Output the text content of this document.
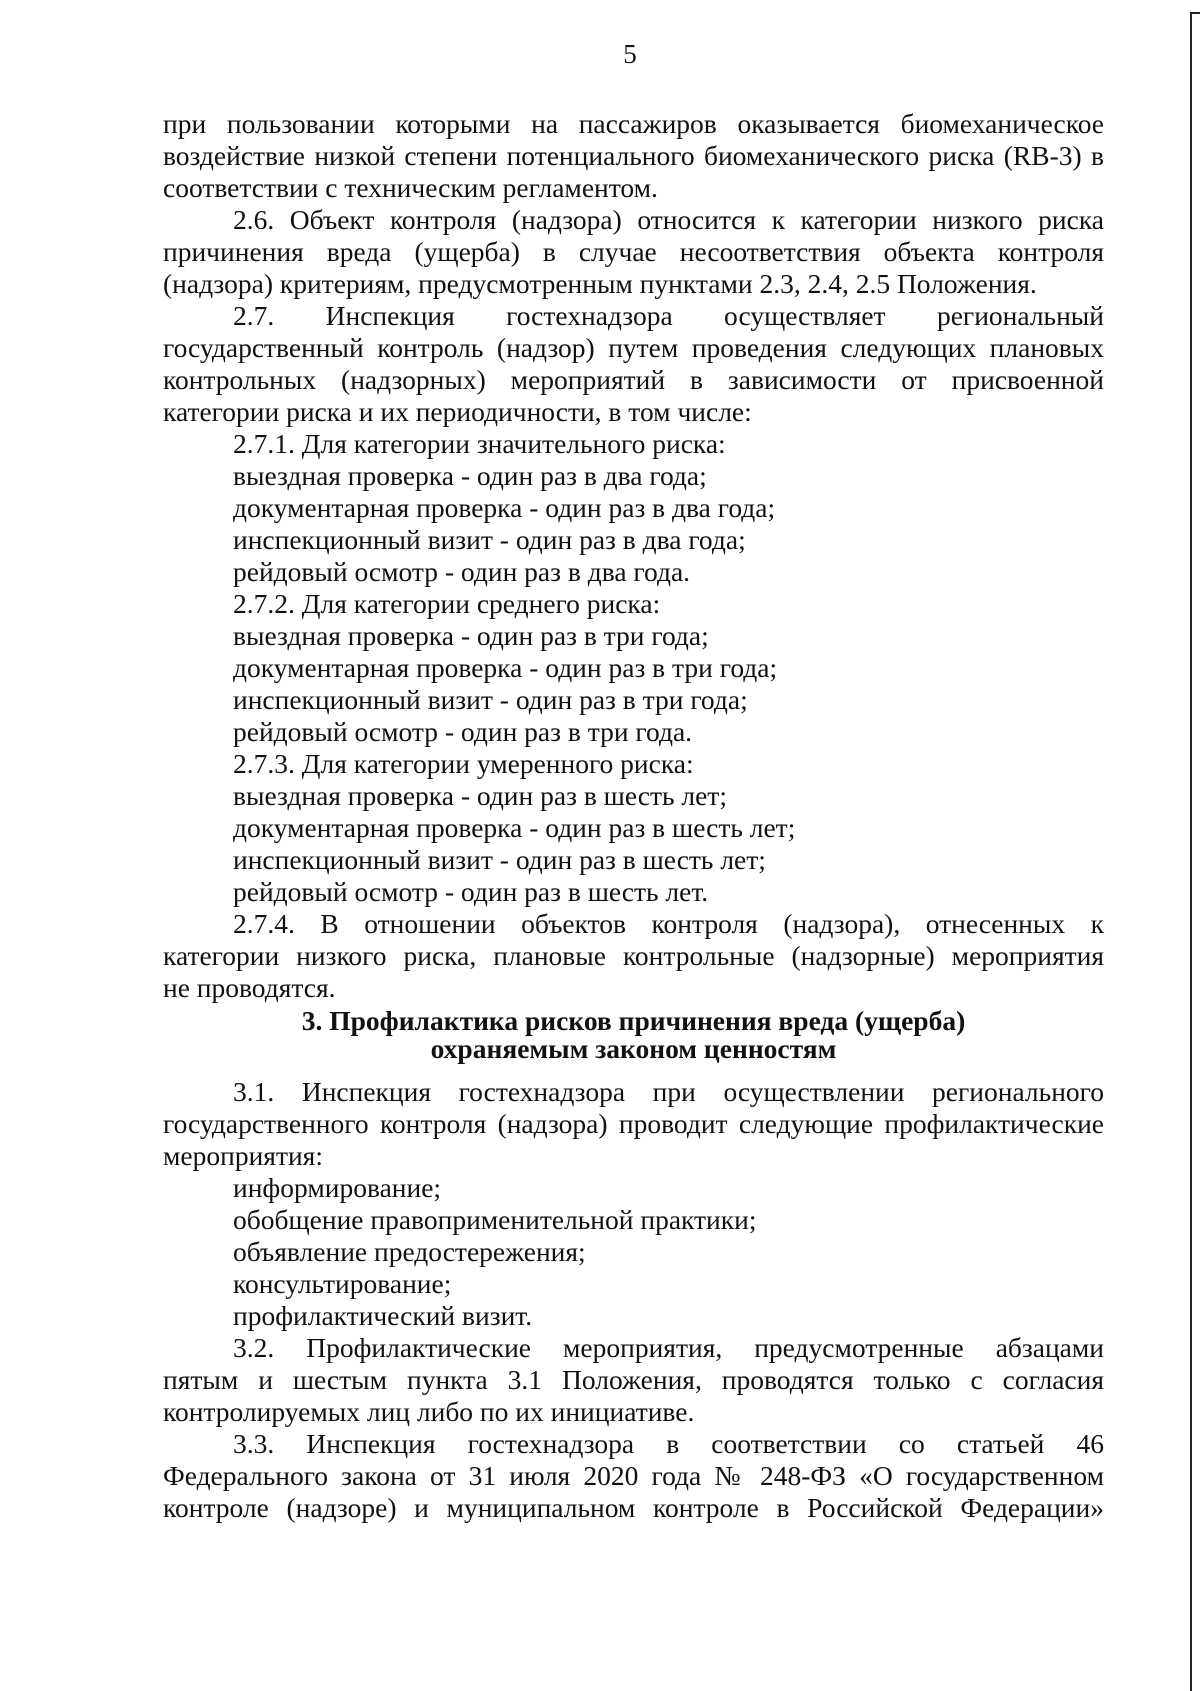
5
при пользовании которыми на пассажиров оказывается биомеханическое
воздействие низкой степени потенциального биомеханического риска (RB-3) в
соответствии с техническим регламентом.
2.6. Объект контроля (надзора) относится к категории низкого риска
причинения вреда (ущерба) в случае несоответствия объекта контроля
(надзора) критериям, предусмотренным пунктами 2.3, 2.4, 2.5 Положения.
2.7. Инспекция гостехнадзора осуществляет региональный
государственный контроль (надзор) путем проведения следующих плановых
контрольных (надзорных) мероприятий в зависимости от присвоенной
категории риска и их периодичности, в том числе:
2.7.1. Для категории значительного риска:
выездная проверка - один раз в два года;
документарная проверка - один раз в два года;
инспекционный визит - один раз в два года;
рейдовый осмотр - один раз в два года.
2.7.2. Для категории среднего риска:
выездная проверка - один раз в три года;
документарная проверка - один раз в три года;
инспекционный визит - один раз в три года;
рейдовый осмотр - один раз в три года.
2.7.3. Для категории умеренного риска:
выездная проверка - один раз в шесть лет;
документарная проверка - один раз в шесть лет;
инспекционный визит - один раз в шесть лет;
рейдовый осмотр - один раз в шесть лет.
2.7.4. В отношении объектов контроля (надзора), отнесенных к
категории низкого риска, плановые контрольные (надзорные) мероприятия
не проводятся.
3. Профилактика рисков причинения вреда (ущерба)
охраняемым законом ценностям
3.1. Инспекция гостехнадзора при осуществлении регионального
государственного контроля (надзора) проводит следующие профилактические
мероприятия:
информирование;
обобщение правоприменительной практики;
объявление предостережения;
консультирование;
профилактический визит.
3.2. Профилактические мероприятия, предусмотренные абзацами
пятым и шестым пункта 3.1 Положения, проводятся только с согласия
контролируемых лиц либо по их инициативе.
3.3. Инспекция гостехнадзора в соответствии со статьей 46
Федерального закона от 31 июля 2020 года № 248-ФЗ «О государственном
контроле (надзоре) и муниципальном контроле в Российской Федерации»
